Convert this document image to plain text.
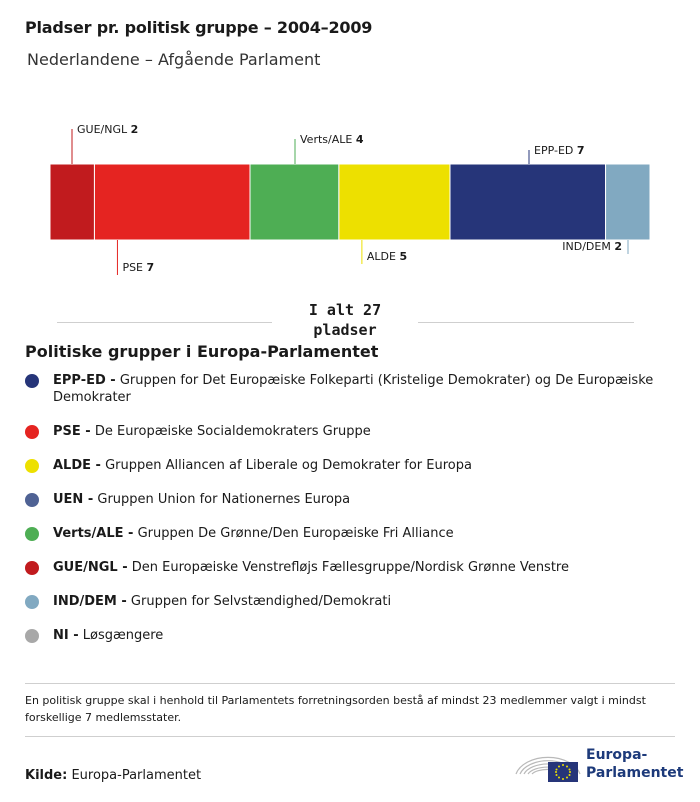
Pladser pr. politisk gruppe – 2004–2009
Nederlandene – Afgående Parlament
GUE/NGL 2
PSE 7
Verts/ALE 4
ALDE 5
EPP-ED 7
IND/DEM 2
I alt 27
pladser
Politiske grupper i Europa-Parlamentet
EPP-ED - Gruppen for Det Europæiske Folkeparti (Kristelige Demokrater) og De Europæiske Demokrater
PSE - De Europæiske Socialdemokraters Gruppe
ALDE - Gruppen Alliancen af Liberale og Demokrater for Europa
UEN - Gruppen Union for Nationernes Europa
Verts/ALE - Gruppen De Grønne/Den Europæiske Fri Alliance
GUE/NGL - Den Europæiske Venstrefløjs Fællesgruppe/Nordisk Grønne Venstre
IND/DEM - Gruppen for Selvstændighed/Demokrati
NI - Løsgængere
En politisk gruppe skal i henhold til Parlamentets forretningsorden bestå af mindst 23 medlemmer valgt i mindst forskellige 7 medlemsstater.
Kilde: Europa-Parlamentet
Europa-
Parlamentet
